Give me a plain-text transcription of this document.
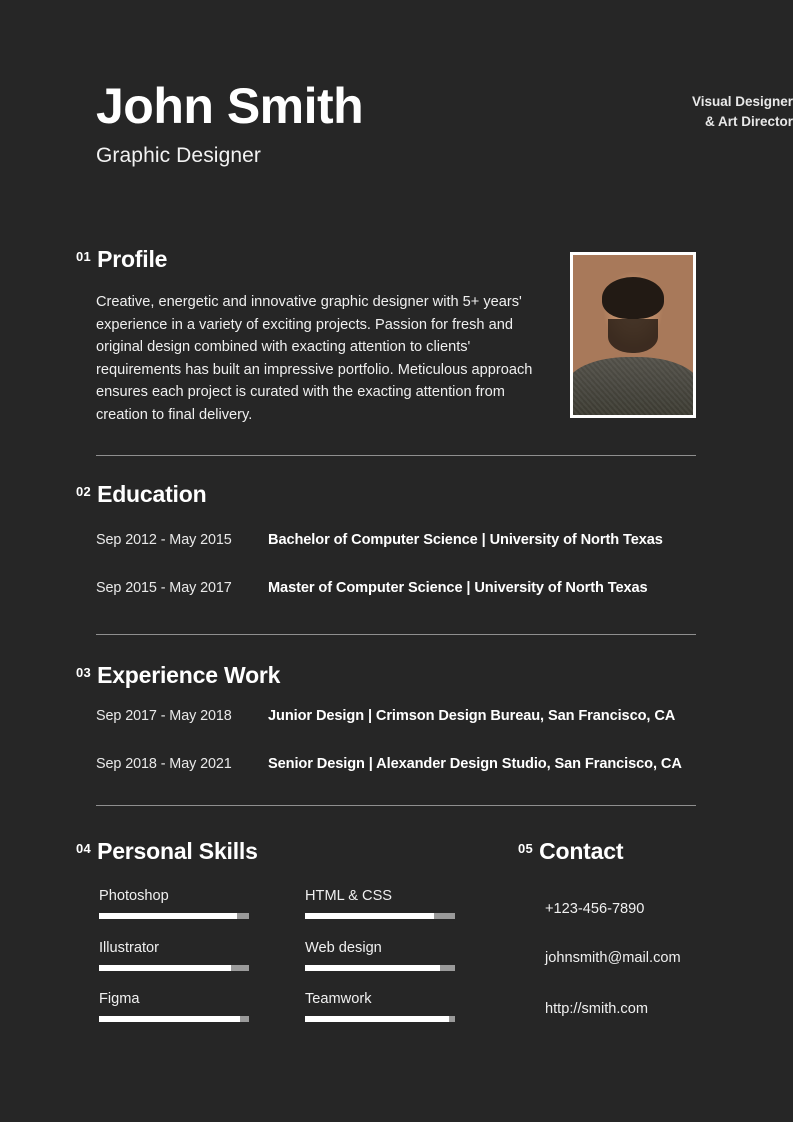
John Smith
Graphic Designer
Visual Designer
& Art Director
01 Profile
Creative, energetic and innovative graphic designer with 5+ years' experience in a variety of exciting projects. Passion for fresh and original design combined with exacting attention to clients' requirements has built an impressive portfolio. Meticulous approach ensures each project is curated with the exacting attention from creation to final delivery.
02 Education
Sep 2012 - May 2015	Bachelor of Computer Science | University of North Texas
Sep 2015 - May 2017	Master of Computer Science | University of North Texas
03 Experience Work
Sep 2017 - May 2018	Junior Design | Crimson Design Bureau, San Francisco, CA
Sep 2018 - May 2021	Senior Design | Alexander Design Studio, San Francisco, CA
04 Personal Skills
Photoshop
Illustrator
Figma
HTML & CSS
Web design
Teamwork
05 Contact
+123-456-7890
johnsmith@mail.com
http://smith.com
